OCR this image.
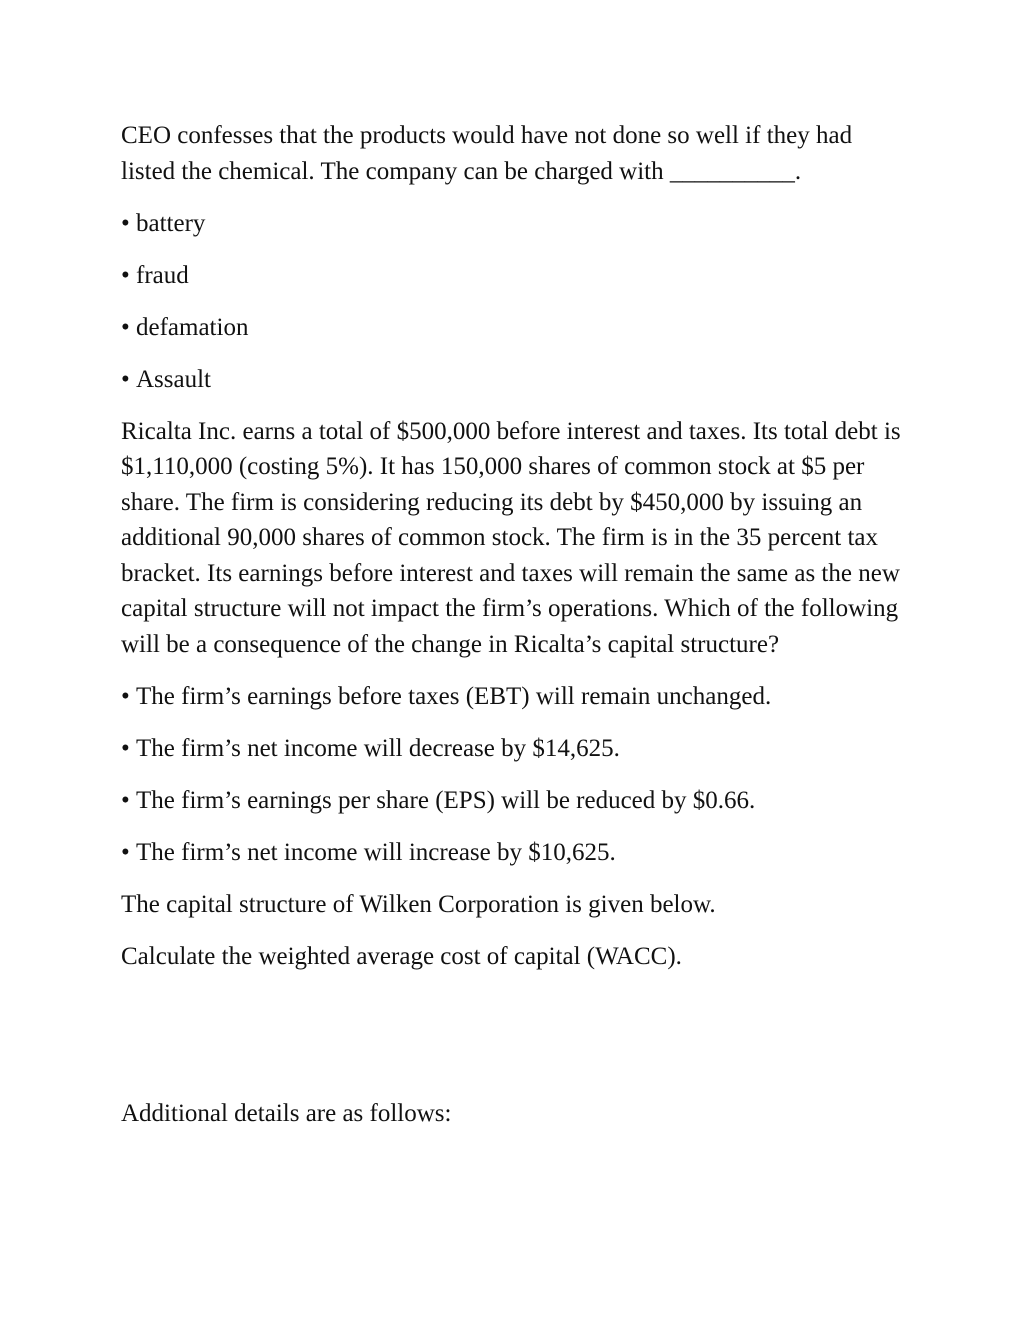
CEO confesses that the products would have not done so well if they had listed the chemical. The company can be charged with __________.

• battery
• fraud
• defamation
• Assault

Ricalta Inc. earns a total of $500,000 before interest and taxes. Its total debt is $1,110,000 (costing 5%). It has 150,000 shares of common stock at $5 per share. The firm is considering reducing its debt by $450,000 by issuing an additional 90,000 shares of common stock. The firm is in the 35 percent tax bracket. Its earnings before interest and taxes will remain the same as the new capital structure will not impact the firm’s operations. Which of the following will be a consequence of the change in Ricalta’s capital structure?

• The firm’s earnings before taxes (EBT) will remain unchanged.
• The firm’s net income will decrease by $14,625.
• The firm’s earnings per share (EPS) will be reduced by $0.66.
• The firm’s net income will increase by $10,625.

The capital structure of Wilken Corporation is given below.

Calculate the weighted average cost of capital (WACC).

Additional details are as follows:
